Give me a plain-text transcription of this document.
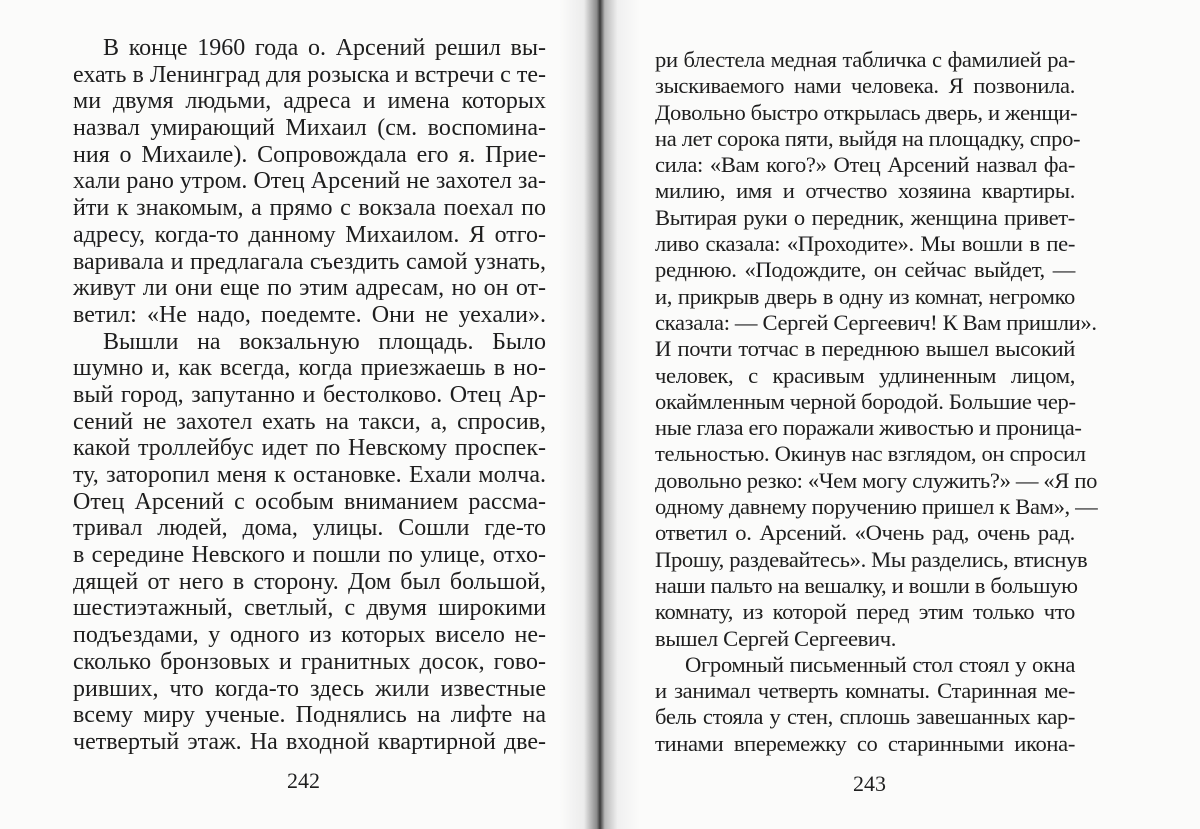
В конце 1960 года о. Арсений решил вы-
ехать в Ленинград для розыска и встречи с те-
ми двумя людьми, адреса и имена которых
назвал умирающий Михаил (см. воспомина-
ния о Михаиле). Сопровождала его я. Прие-
хали рано утром. Отец Арсений не захотел за-
йти к знакомым, а прямо с вокзала поехал по
адресу, когда-то данному Михаилом. Я отго-
варивала и предлагала съездить самой узнать,
живут ли они еще по этим адресам, но он от-
ветил: «Не надо, поедемте. Они не уехали».
Вышли на вокзальную площадь. Было
шумно и, как всегда, когда приезжаешь в но-
вый город, запутанно и бестолково. Отец Ар-
сений не захотел ехать на такси, а, спросив,
какой троллейбус идет по Невскому проспек-
ту, заторопил меня к остановке. Ехали молча.
Отец Арсений с особым вниманием рассма-
тривал людей, дома, улицы. Сошли где-то
в середине Невского и пошли по улице, отхо-
дящей от него в сторону. Дом был большой,
шестиэтажный, светлый, с двумя широкими
подъездами, у одного из которых висело не-
сколько бронзовых и гранитных досок, гово-
ривших, что когда-то здесь жили известные
всему миру ученые. Поднялись на лифте на
четвертый этаж. На входной квартирной две-
242
ри блестела медная табличка с фамилией ра-
зыскиваемого нами человека. Я позвонила.
Довольно быстро открылась дверь, и женщи-
на лет сорока пяти, выйдя на площадку, спро-
сила: «Вам кого?» Отец Арсений назвал фа-
милию, имя и отчество хозяина квартиры.
Вытирая руки о передник, женщина привет-
ливо сказала: «Проходите». Мы вошли в пе-
реднюю. «Подождите, он сейчас выйдет, —
и, прикрыв дверь в одну из комнат, негромко
сказала: — Сергей Сергеевич! К Вам пришли».
И почти тотчас в переднюю вышел высокий
человек, с красивым удлиненным лицом,
окаймленным черной бородой. Большие чер-
ные глаза его поражали живостью и проница-
тельностью. Окинув нас взглядом, он спросил
довольно резко: «Чем могу служить?» — «Я по
одному давнему поручению пришел к Вам», —
ответил о. Арсений. «Очень рад, очень рад.
Прошу, раздевайтесь». Мы разделись, втиснув
наши пальто на вешалку, и вошли в большую
комнату, из которой перед этим только что
вышел Сергей Сергеевич.
Огромный письменный стол стоял у окна
и занимал четверть комнаты. Старинная ме-
бель стояла у стен, сплошь завешанных кар-
тинами вперемежку со старинными икона-
243
